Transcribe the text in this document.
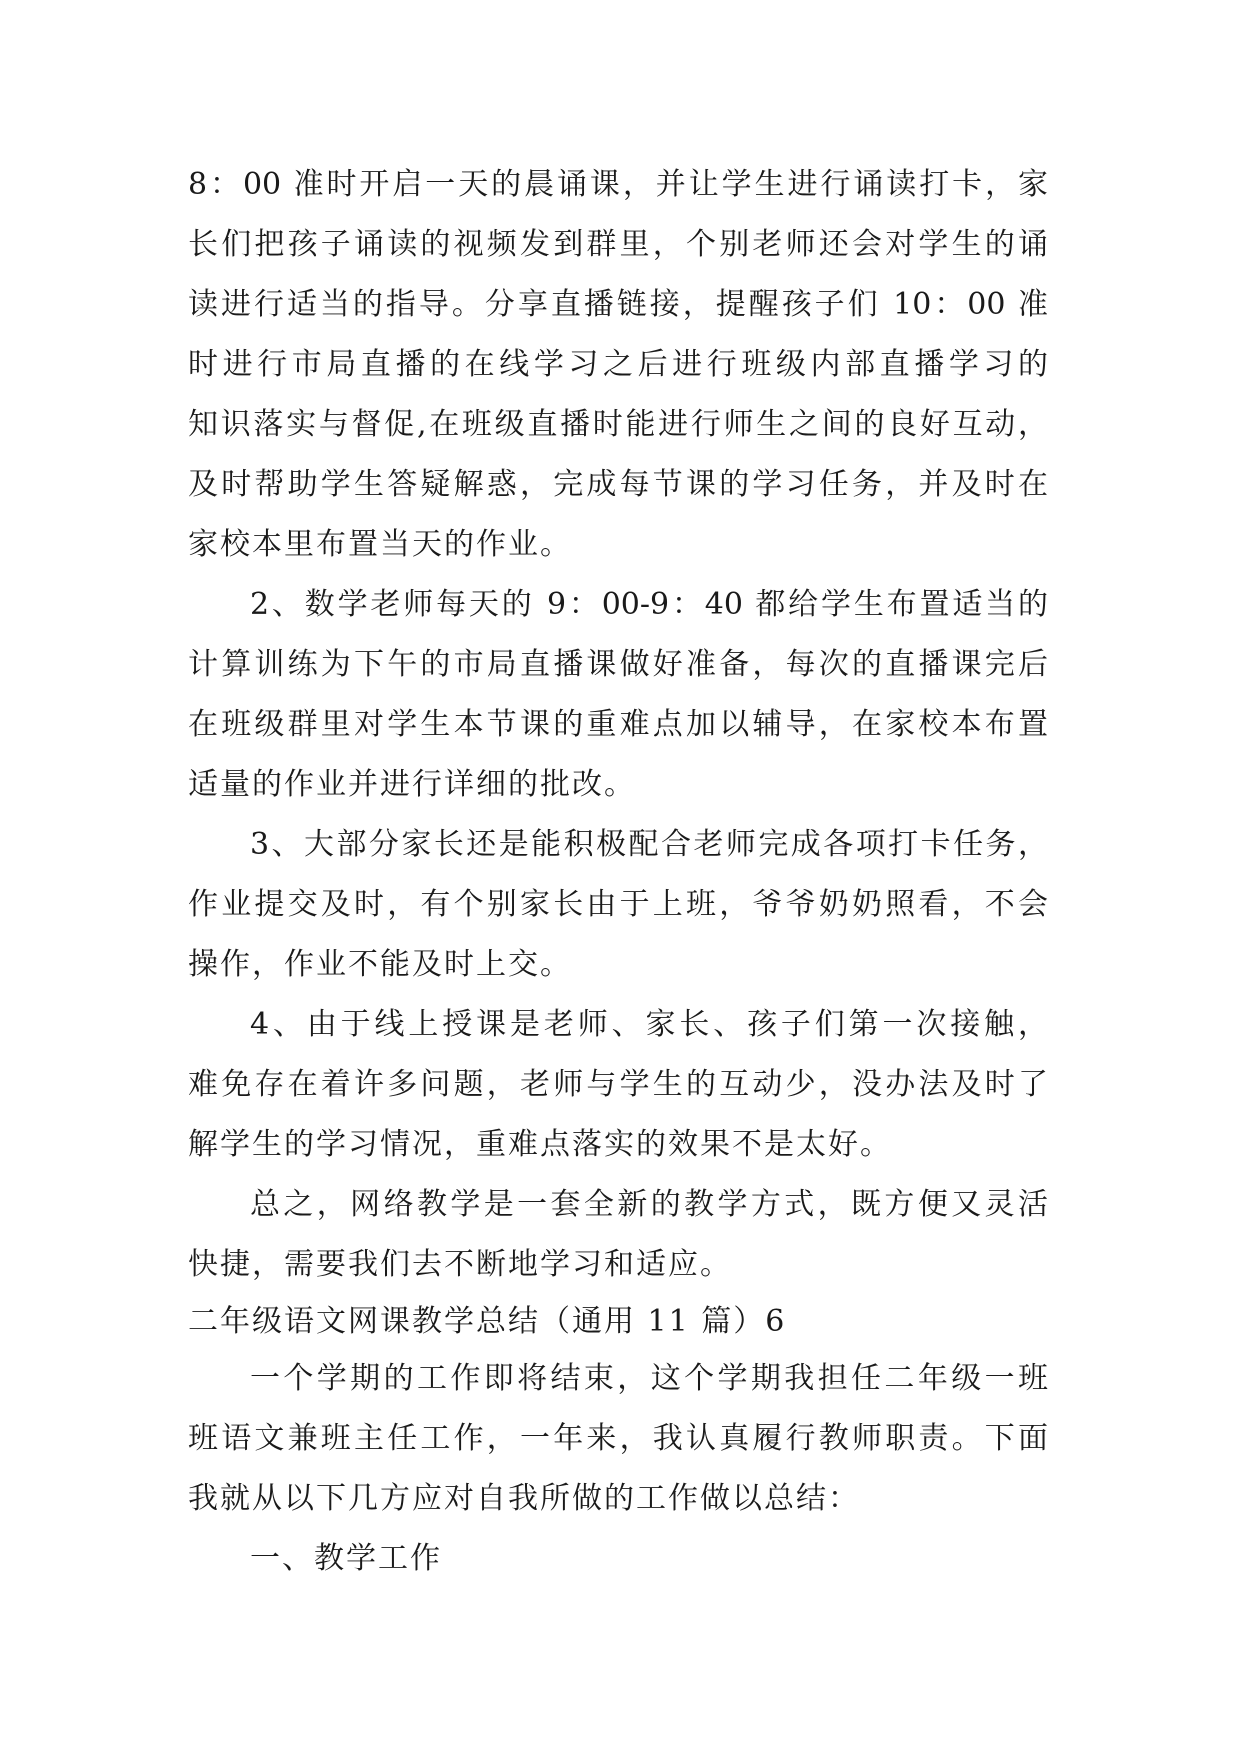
8：00 准时开启一天的晨诵课，并让学生进行诵读打卡，家
长们把孩子诵读的视频发到群里，个别老师还会对学生的诵
读进行适当的指导。分享直播链接，提醒孩子们 10：00 准
时进行市局直播的在线学习之后进行班级内部直播学习的
知识落实与督促,在班级直播时能进行师生之间的良好互动，
及时帮助学生答疑解惑，完成每节课的学习任务，并及时在
家校本里布置当天的作业。
2、数学老师每天的 9：00-9：40 都给学生布置适当的
计算训练为下午的市局直播课做好准备，每次的直播课完后
在班级群里对学生本节课的重难点加以辅导，在家校本布置
适量的作业并进行详细的批改。
3、大部分家长还是能积极配合老师完成各项打卡任务，
作业提交及时，有个别家长由于上班，爷爷奶奶照看，不会
操作，作业不能及时上交。
4、由于线上授课是老师、家长、孩子们第一次接触，
难免存在着许多问题，老师与学生的互动少，没办法及时了
解学生的学习情况，重难点落实的效果不是太好。
总之，网络教学是一套全新的教学方式，既方便又灵活
快捷，需要我们去不断地学习和适应。
二年级语文网课教学总结（通用 11 篇）6
一个学期的工作即将结束，这个学期我担任二年级一班
班语文兼班主任工作，一年来，我认真履行教师职责。下面
我就从以下几方应对自我所做的工作做以总结：
一、教学工作
